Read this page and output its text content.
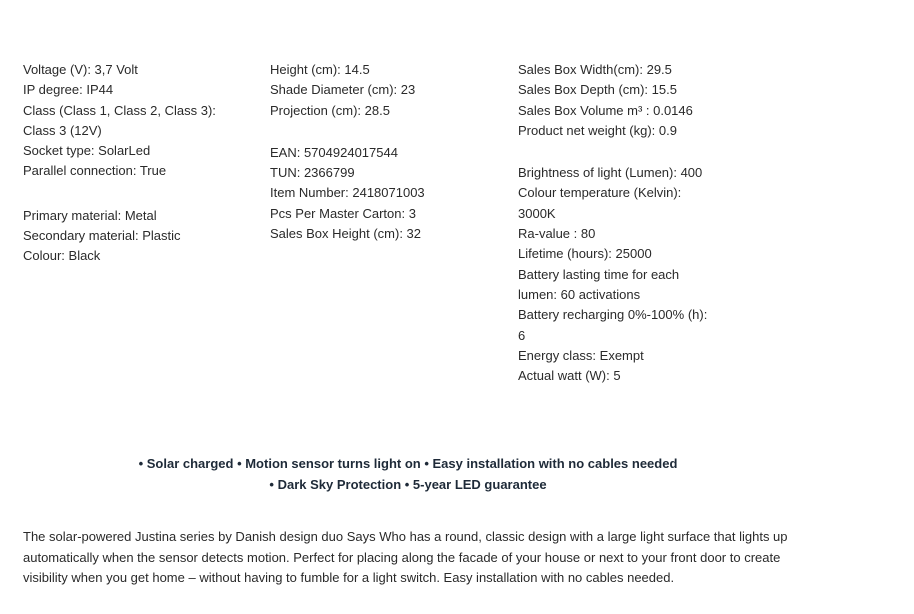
Voltage (V): 3,7 Volt
IP degree: IP44
Class (Class 1, Class 2, Class 3):
Class 3 (12V)
Socket type: SolarLed
Parallel connection: True
Primary material: Metal
Secondary material: Plastic
Colour: Black
Height (cm): 14.5
Shade Diameter (cm): 23
Projection (cm): 28.5
EAN: 5704924017544
TUN: 2366799
Item Number: 2418071003
Pcs Per Master Carton: 3
Sales Box Height (cm): 32
Sales Box Width(cm): 29.5
Sales Box Depth (cm): 15.5
Sales Box Volume m³ : 0.0146
Product net weight (kg): 0.9
Brightness of light (Lumen): 400
Colour temperature (Kelvin):
3000K
Ra-value : 80
Lifetime (hours): 25000
Battery lasting time for each
lumen: 60 activations
Battery recharging 0%-100% (h):
6
Energy class: Exempt
Actual watt (W): 5
• Solar charged • Motion sensor turns light on • Easy installation with no cables needed
• Dark Sky Protection • 5-year LED guarantee
The solar-powered Justina series by Danish design duo Says Who has a round, classic design with a large light surface that lights up automatically when the sensor detects motion. Perfect for placing along the facade of your house or next to your front door to create visibility when you get home – without having to fumble for a light switch. Easy installation with no cables needed.
